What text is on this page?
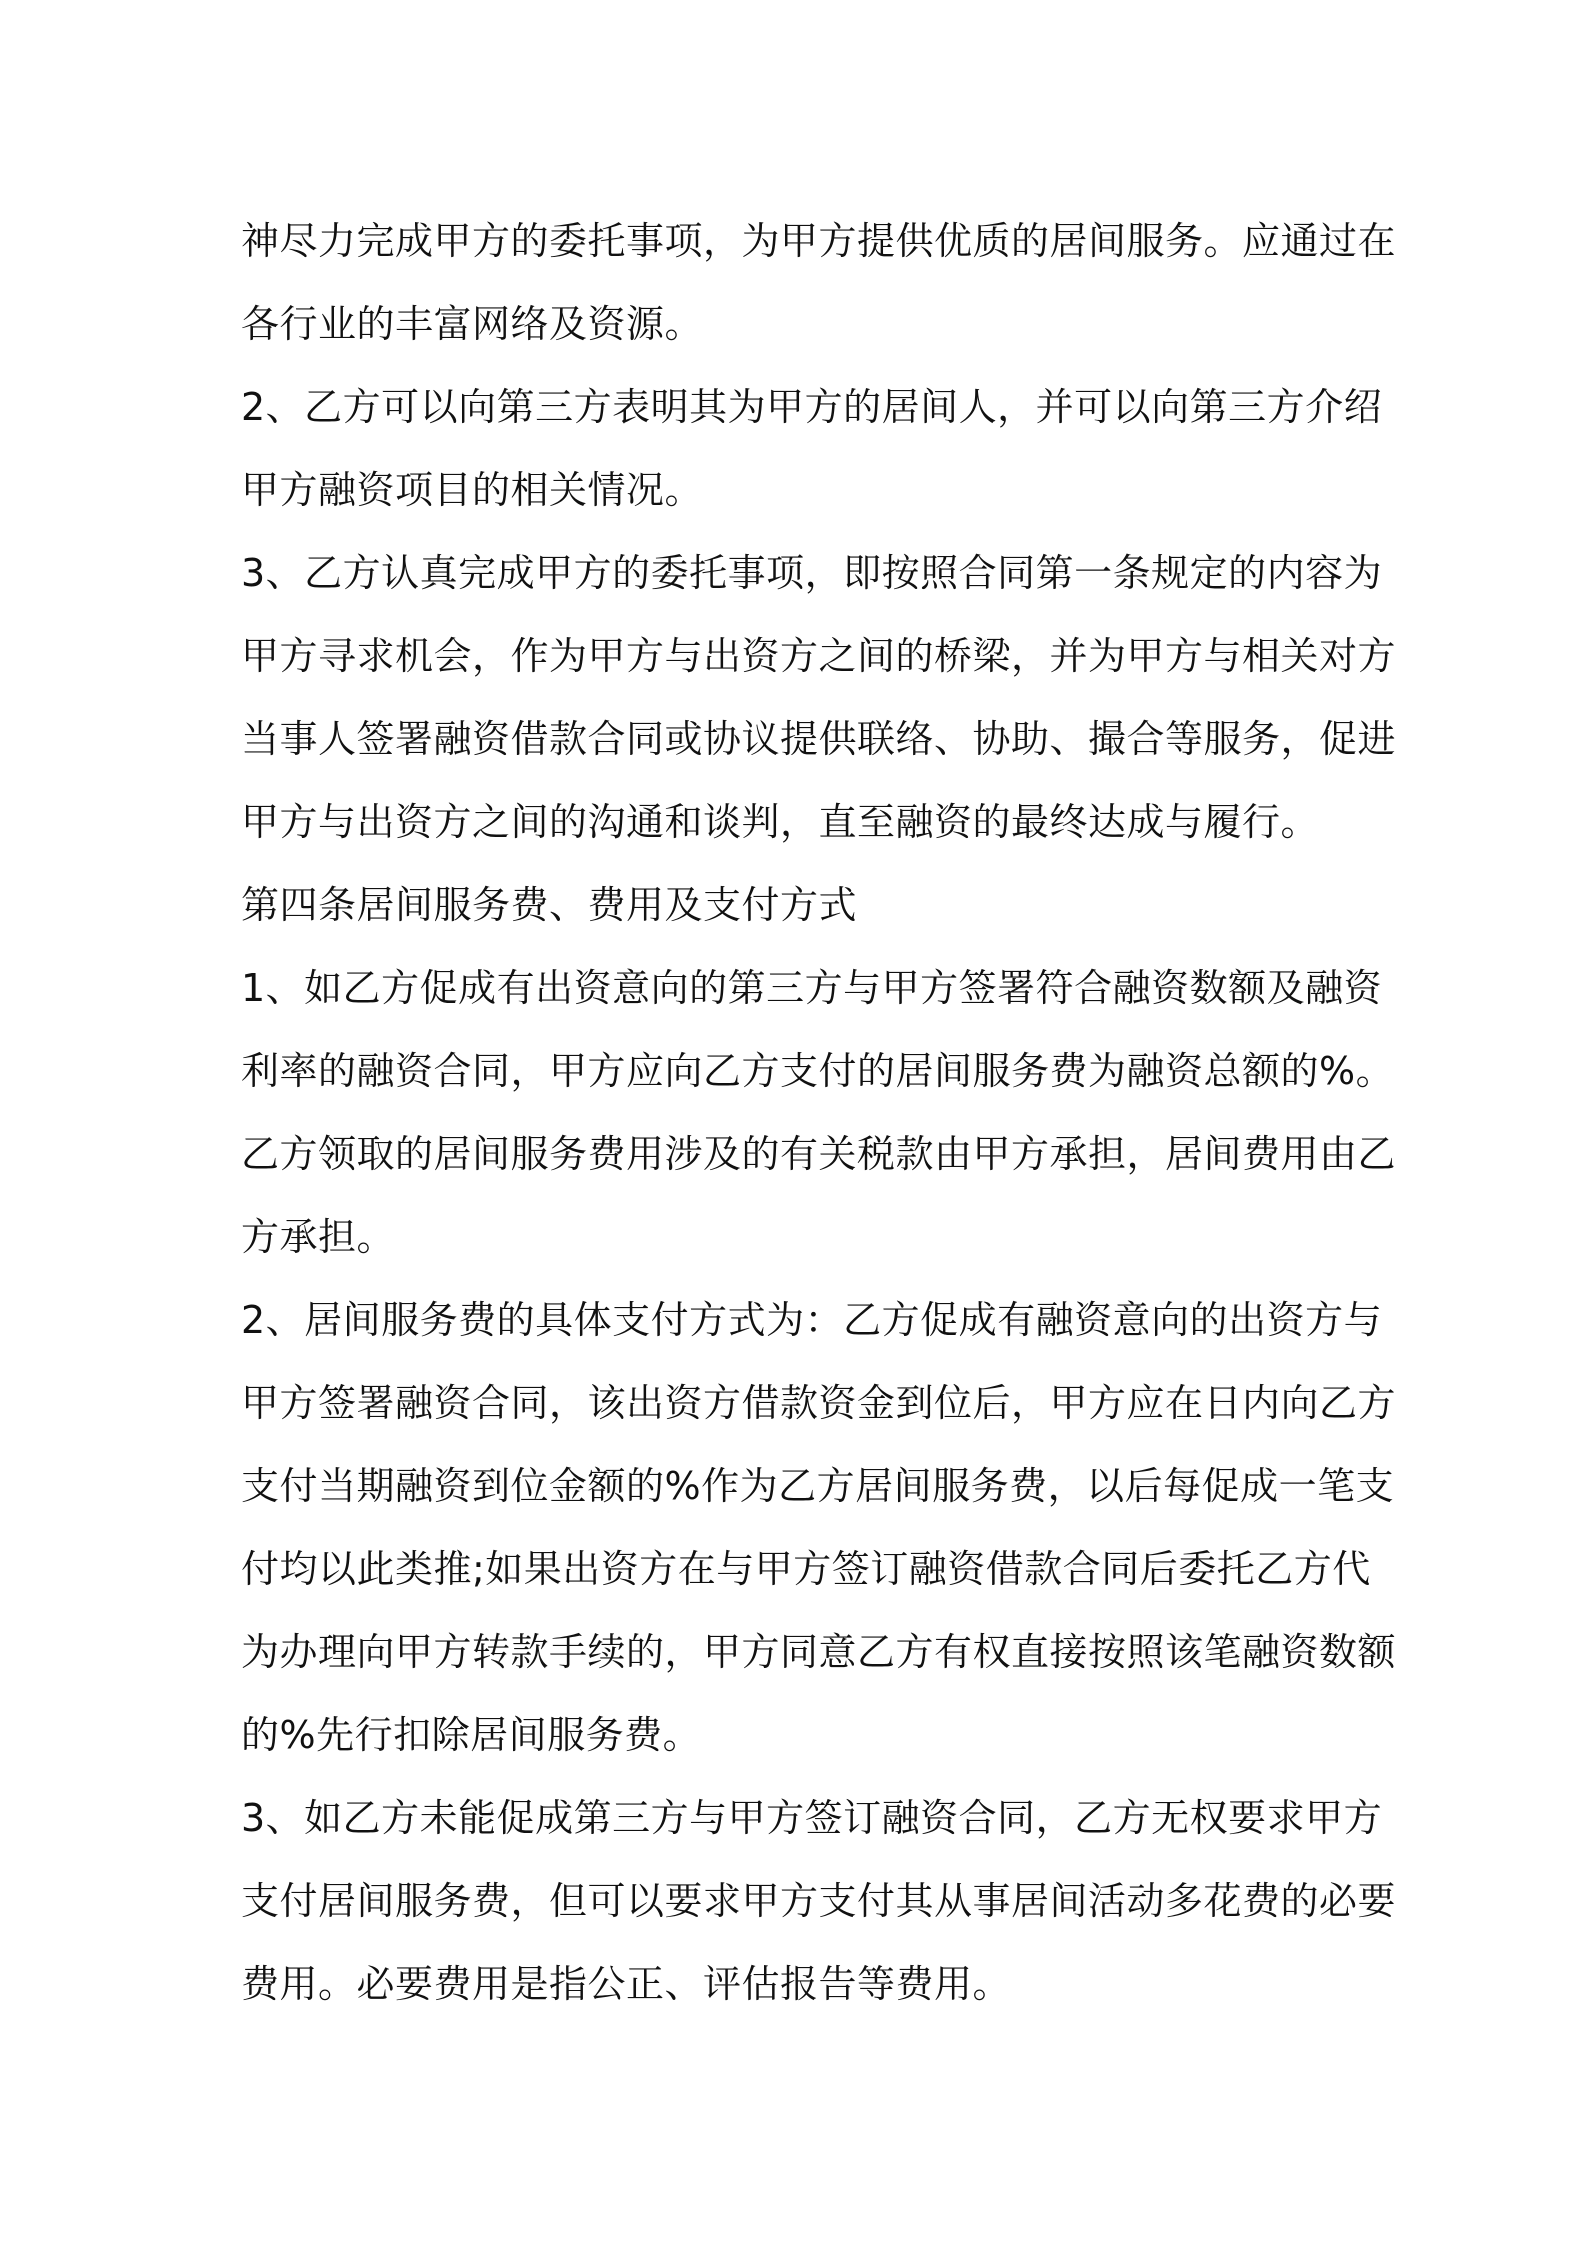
神尽力完成甲方的委托事项，为甲方提供优质的居间服务。应通过在
各行业的丰富网络及资源。
2、乙方可以向第三方表明其为甲方的居间人，并可以向第三方介绍
甲方融资项目的相关情况。
3、乙方认真完成甲方的委托事项，即按照合同第一条规定的内容为
甲方寻求机会，作为甲方与出资方之间的桥梁，并为甲方与相关对方
当事人签署融资借款合同或协议提供联络、协助、撮合等服务，促进
甲方与出资方之间的沟通和谈判，直至融资的最终达成与履行。
第四条居间服务费、费用及支付方式
1、如乙方促成有出资意向的第三方与甲方签署符合融资数额及融资
利率的融资合同，甲方应向乙方支付的居间服务费为融资总额的%。
乙方领取的居间服务费用涉及的有关税款由甲方承担，居间费用由乙
方承担。
2、居间服务费的具体支付方式为：乙方促成有融资意向的出资方与
甲方签署融资合同，该出资方借款资金到位后，甲方应在日内向乙方
支付当期融资到位金额的%作为乙方居间服务费，以后每促成一笔支
付均以此类推;如果出资方在与甲方签订融资借款合同后委托乙方代
为办理向甲方转款手续的，甲方同意乙方有权直接按照该笔融资数额
的%先行扣除居间服务费。
3、如乙方未能促成第三方与甲方签订融资合同，乙方无权要求甲方
支付居间服务费，但可以要求甲方支付其从事居间活动多花费的必要
费用。必要费用是指公正、评估报告等费用。
